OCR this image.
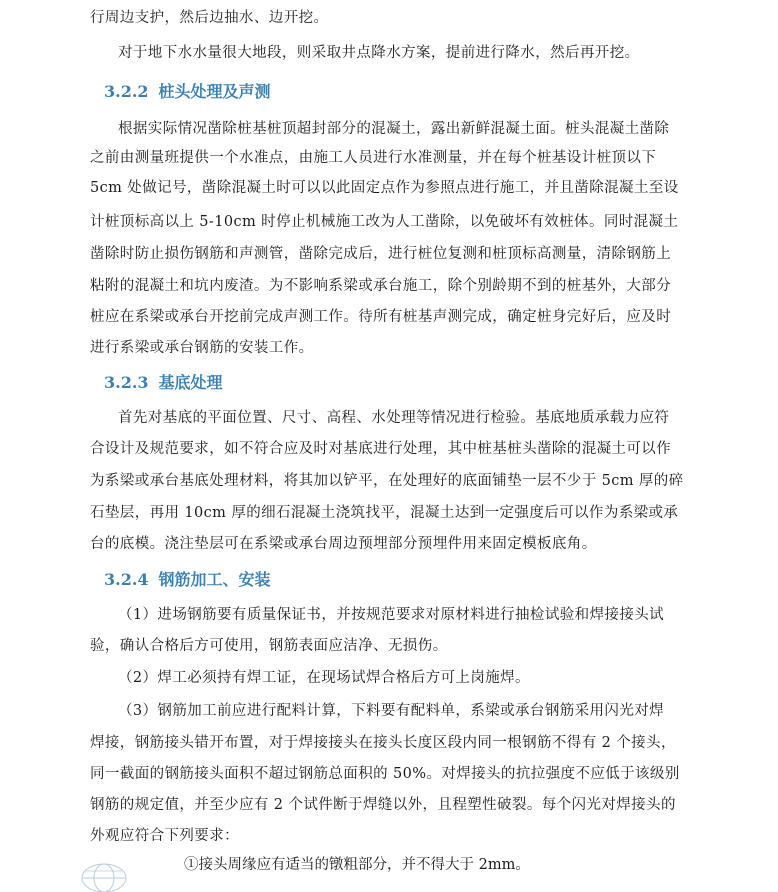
行周边支护，然后边抽水、边开挖。
对于地下水水量很大地段，则采取井点降水方案，提前进行降水，然后再开挖。
3.2.2 桩头处理及声测
根据实际情况凿除桩基桩顶超封部分的混凝土，露出新鲜混凝土面。桩头混凝土凿除
之前由测量班提供一个水准点，由施工人员进行水准测量，并在每个桩基设计桩顶以下
5cm 处做记号，凿除混凝土时可以以此固定点作为参照点进行施工，并且凿除混凝土至设
计桩顶标高以上 5-10cm 时停止机械施工改为人工凿除，以免破坏有效桩体。同时混凝土
凿除时防止损伤钢筋和声测管，凿除完成后，进行桩位复测和桩顶标高测量，清除钢筋上
粘附的混凝土和坑内废渣。为不影响系梁或承台施工，除个别龄期不到的桩基外，大部分
桩应在系梁或承台开挖前完成声测工作。待所有桩基声测完成，确定桩身完好后，应及时
进行系梁或承台钢筋的安装工作。
3.2.3 基底处理
首先对基底的平面位置、尺寸、高程、水处理等情况进行检验。基底地质承载力应符
合设计及规范要求，如不符合应及时对基底进行处理，其中桩基桩头凿除的混凝土可以作
为系梁或承台基底处理材料，将其加以铲平，在处理好的底面铺垫一层不少于 5cm 厚的碎
石垫层，再用 10cm 厚的细石混凝土浇筑找平，混凝土达到一定强度后可以作为系梁或承
台的底模。浇注垫层可在系梁或承台周边预埋部分预埋件用来固定模板底角。
3.2.4 钢筋加工、安装
（1）进场钢筋要有质量保证书，并按规范要求对原材料进行抽检试验和焊接接头试
验，确认合格后方可使用，钢筋表面应洁净、无损伤。
（2）焊工必须持有焊工证，在现场试焊合格后方可上岗施焊。
（3）钢筋加工前应进行配料计算，下料要有配料单，系梁或承台钢筋采用闪光对焊
焊接，钢筋接头错开布置，对于焊接接头在接头长度区段内同一根钢筋不得有 2 个接头，
同一截面的钢筋接头面积不超过钢筋总面积的 50%。对焊接头的抗拉强度不应低于该级别
钢筋的规定值，并至少应有 2 个试件断于焊缝以外，且程塑性破裂。每个闪光对焊接头的
外观应符合下列要求：
①接头周缘应有适当的镦粗部分，并不得大于 2mm。
